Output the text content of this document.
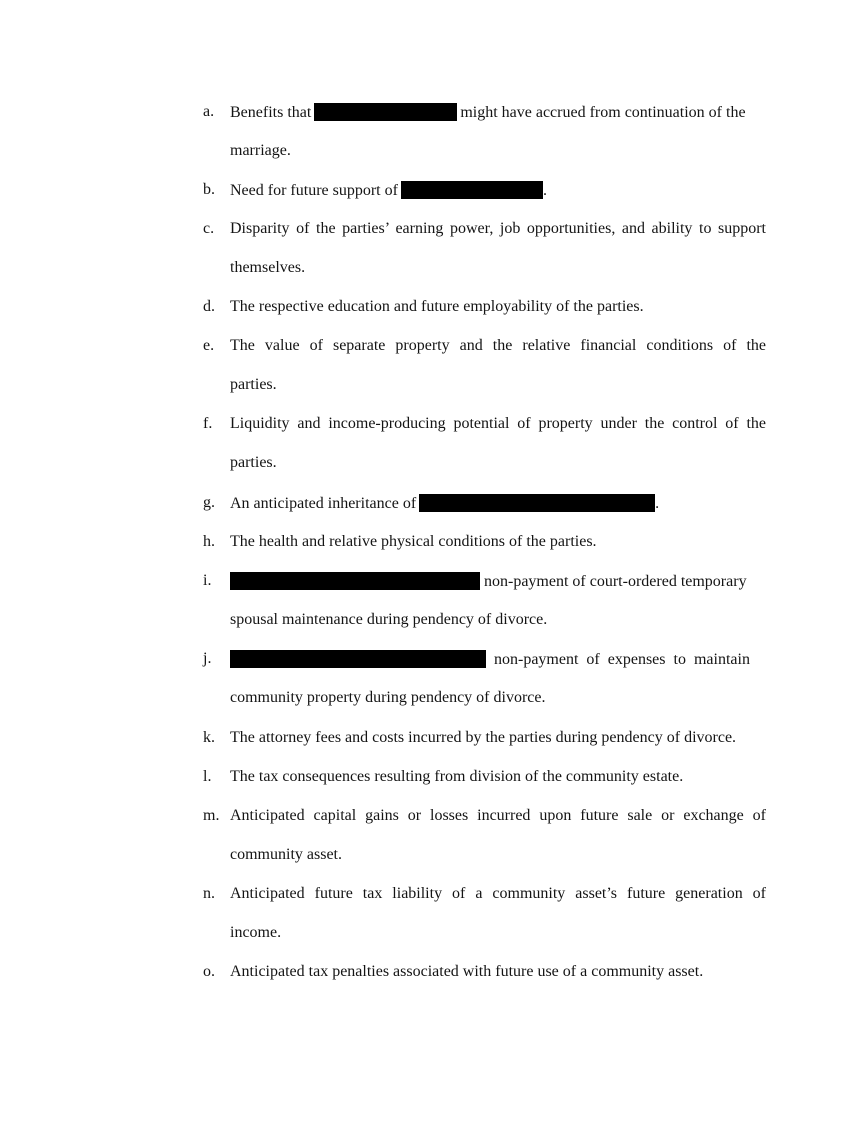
a. Benefits that	might have accrued from continuation of the
marriage.
b. Need for future support of	.
c. Disparity of the parties’ earning power, job opportunities, and ability to support
themselves.
d. The respective education and future employability of the parties.
e. The value of separate property and the relative financial conditions of the
parties.
f. Liquidity and income-producing potential of property under the control of the
parties.
g. An anticipated inheritance of	.
h. The health and relative physical conditions of the parties.
i.	non-payment of court-ordered temporary
spousal maintenance during pendency of divorce.
j.	non-payment of expenses to maintain
community property during pendency of divorce.
k. The attorney fees and costs incurred by the parties during pendency of divorce.
l. The tax consequences resulting from division of the community estate.
m. Anticipated capital gains or losses incurred upon future sale or exchange of
community asset.
n. Anticipated future tax liability of a community asset’s future generation of
income.
o. Anticipated tax penalties associated with future use of a community asset.
